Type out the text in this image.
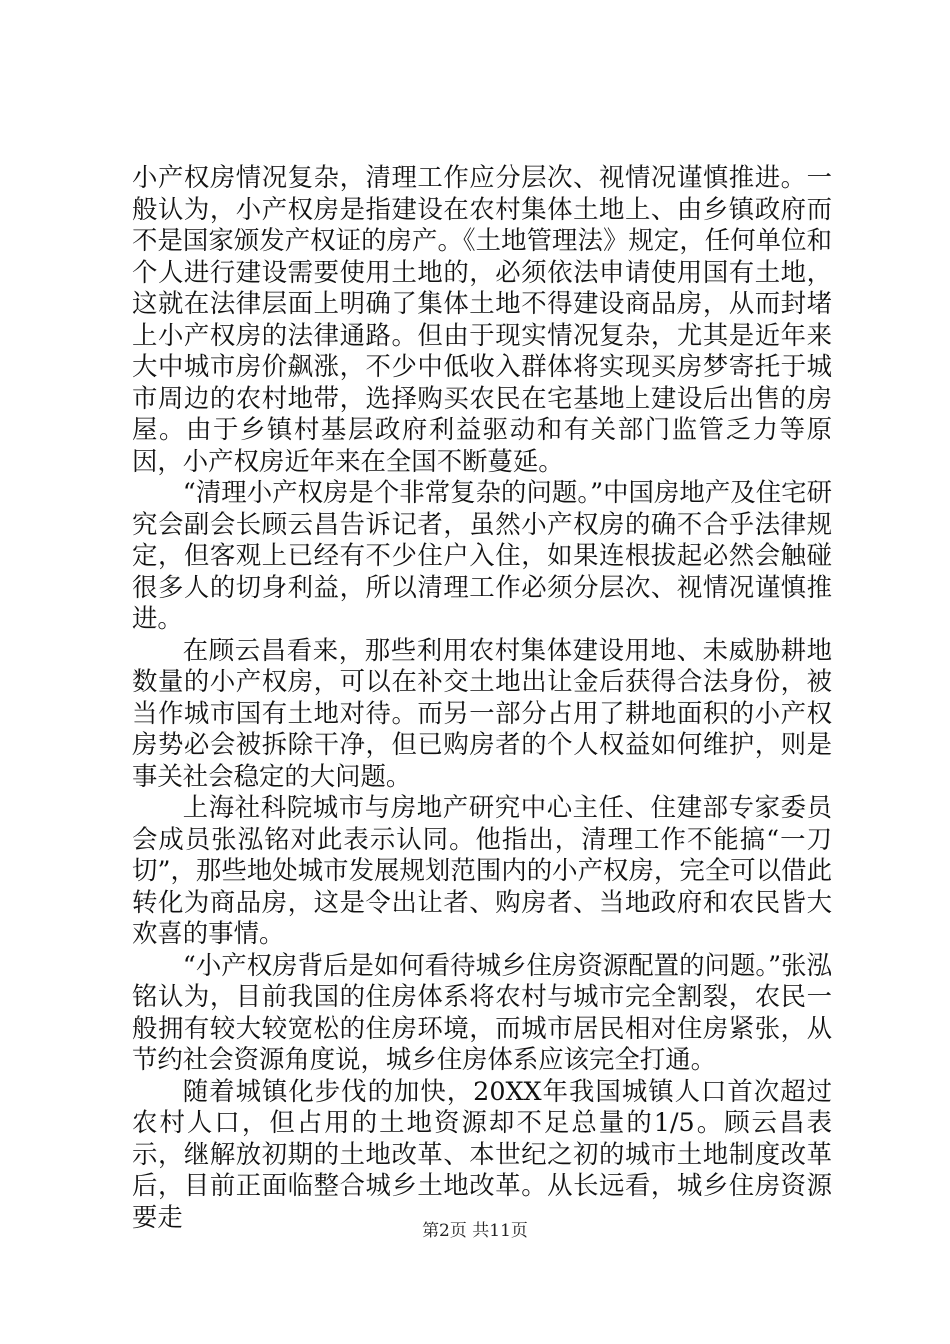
小产权房情况复杂，清理工作应分层次、视情况谨慎推进。一般认为，小产权房是指建设在农村集体土地上、由乡镇政府而不是国家颁发产权证的房产。《土地管理法》规定，任何单位和个人进行建设需要使用土地的，必须依法申请使用国有土地，这就在法律层面上明确了集体土地不得建设商品房，从而封堵上小产权房的法律通路。但由于现实情况复杂，尤其是近年来大中城市房价飙涨，不少中低收入群体将实现买房梦寄托于城市周边的农村地带，选择购买农民在宅基地上建设后出售的房屋。由于乡镇村基层政府利益驱动和有关部门监管乏力等原因，小产权房近年来在全国不断蔓延。

“清理小产权房是个非常复杂的问题。”中国房地产及住宅研究会副会长顾云昌告诉记者，虽然小产权房的确不合乎法律规定，但客观上已经有不少住户入住，如果连根拔起必然会触碰很多人的切身利益，所以清理工作必须分层次、视情况谨慎推进。

在顾云昌看来，那些利用农村集体建设用地、未威胁耕地数量的小产权房，可以在补交土地出让金后获得合法身份，被当作城市国有土地对待。而另一部分占用了耕地面积的小产权房势必会被拆除干净，但已购房者的个人权益如何维护，则是事关社会稳定的大问题。

上海社科院城市与房地产研究中心主任、住建部专家委员会成员张泓铭对此表示认同。他指出，清理工作不能搞“一刀切”，那些地处城市发展规划范围内的小产权房，完全可以借此转化为商品房，这是令出让者、购房者、当地政府和农民皆大欢喜的事情。

“小产权房背后是如何看待城乡住房资源配置的问题。”张泓铭认为，目前我国的住房体系将农村与城市完全割裂，农民一般拥有较大较宽松的住房环境，而城市居民相对住房紧张，从节约社会资源角度说，城乡住房体系应该完全打通。

随着城镇化步伐的加快，20XX年我国城镇人口首次超过农村人口，但占用的土地资源却不足总量的1/5。顾云昌表示，继解放初期的土地改革、本世纪之初的城市土地制度改革后，目前正面临整合城乡土地改革。从长远看，城乡住房资源要走	第2页 共11页
